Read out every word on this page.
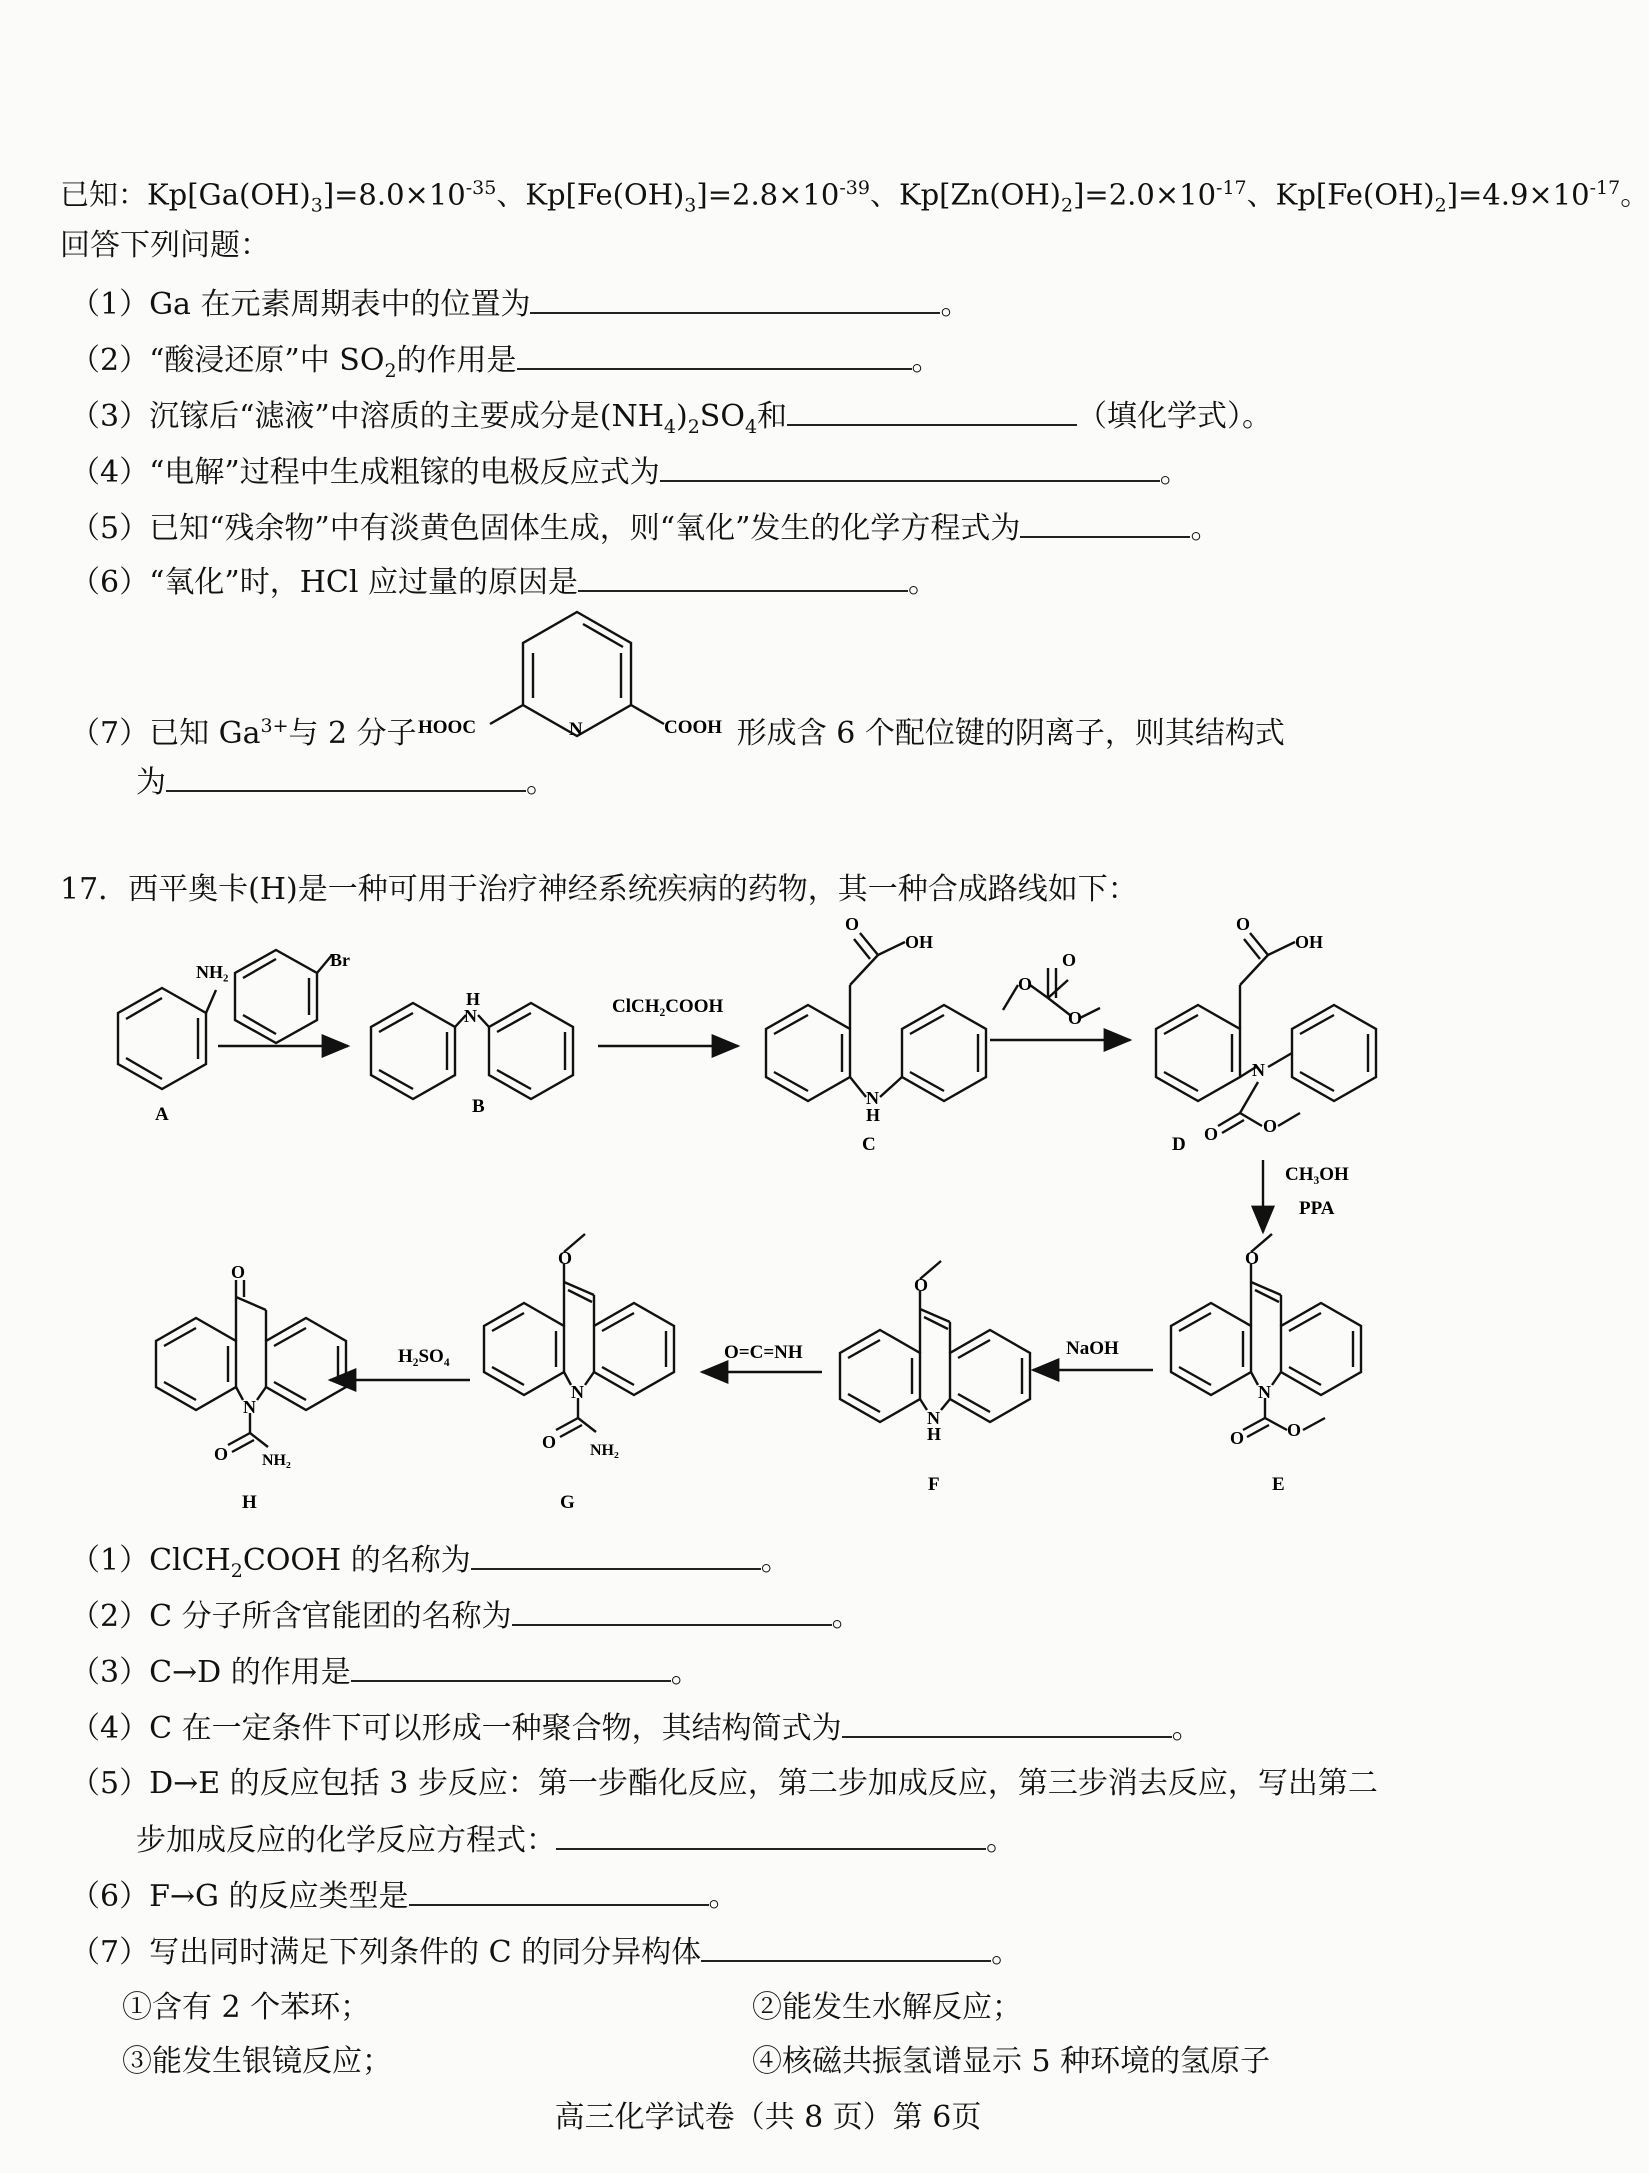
已知：$Kp[Ga(OH)_3]=8.0\times 10^{-35}$、$Kp[Fe(OH)_3]=2.8\times 10^{-39}$、$Kp[Zn(OH)_2]=2.0\times 10^{-17}$、$Kp[Fe(OH)_2]=4.9\times 10^{-17}$。
回答下列问题：
（1）Ga 在元素周期表中的位置为	。
（2）“酸浸还原”中 $SO_2$的作用是	。
（3）沉镓后“滤液”中溶质的主要成分是$(NH_4)_2SO_4$和	（填化学式）。
（4）“电解”过程中生成粗镓的电极反应式为	。
（5）已知“残余物”中有淡黄色固体生成，则“氧化”发生的化学方程式为	。
（6）“氧化”时，HCl 应过量的原因是	。
（7）已知 $Ga^{3+}$与 2 分子	形成含 6 个配位键的阴离子，则其结构式
为	。
HOOC	N	COOH
NH₂
Br
H
N
O
OH
N
H
O
O
O
O
OH
N
O O
ClCH₂COOH
CH₃OH
PPA
A	B
C	D
O
N
O O
O
N
H
O
N
O NH₂
O
N
O NH₂
NaOH
O=C=NH
H₂SO₄
E
F
G
H
17．西平奥卡(H)是一种可用于治疗神经系统疾病的药物，其一种合成路线如下：
（1）ClCH$_2$COOH 的名称为	。
（2）C 分子所含官能团的名称为	。
（3）C→D 的作用是	。
（4）C 在一定条件下可以形成一种聚合物，其结构简式为	。
（5）D→E 的反应包括 3 步反应：第一步酯化反应，第二步加成反应，第三步消去反应，写出第二
步加成反应的化学反应方程式：	。
（6）F→G 的反应类型是	。
（7）写出同时满足下列条件的 C 的同分异构体	。
①含有 2 个苯环；	②能发生水解反应；
③能发生银镜反应；	④核磁共振氢谱显示 5 种环境的氢原子
高三化学试卷（共 8 页）第 6页
